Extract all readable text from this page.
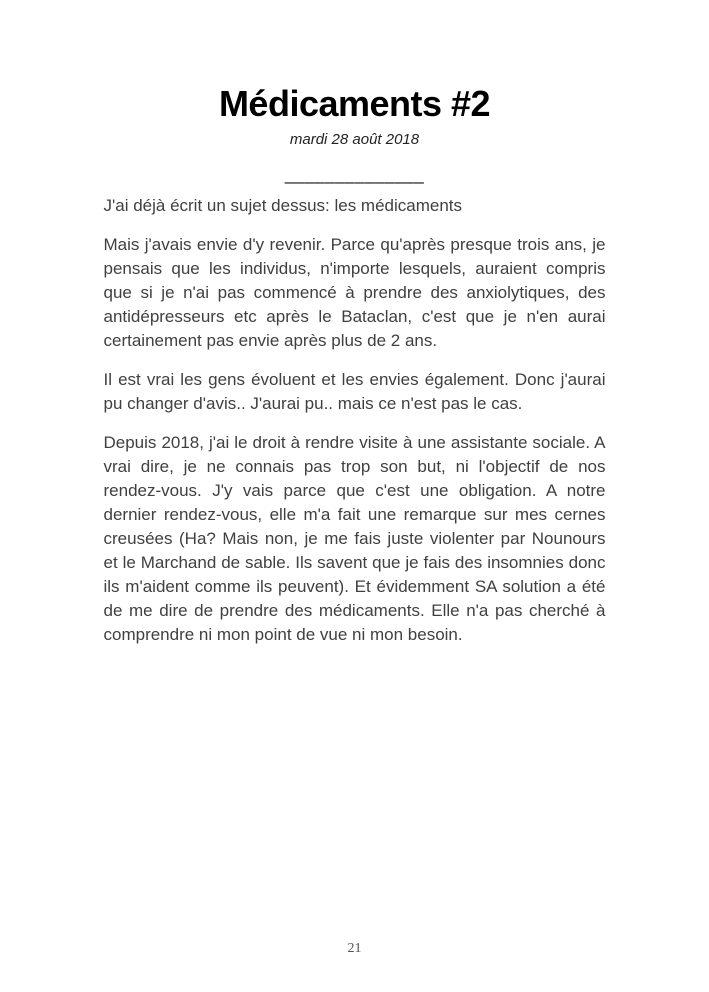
Médicaments #2
mardi 28 août 2018
______________

J'ai déjà écrit un sujet dessus: les médicaments

Mais j'avais envie d'y revenir. Parce qu'après presque trois ans, je pensais que les individus, n'importe lesquels, auraient compris que si je n'ai pas commencé à prendre des anxiolytiques, des antidépresseurs etc après le Bataclan, c'est que je n'en aurai certainement pas envie après plus de 2 ans.

Il est vrai les gens évoluent et les envies également. Donc j'aurai pu changer d'avis.. J'aurai pu.. mais ce n'est pas le cas.

Depuis 2018, j'ai le droit à rendre visite à une assistante sociale. A vrai dire, je ne connais pas trop son but, ni l'objectif de nos rendez-vous. J'y vais parce que c'est une obligation. A notre dernier rendez-vous, elle m'a fait une remarque sur mes cernes creusées (Ha? Mais non, je me fais juste violenter par Nounours et le Marchand de sable. Ils savent que je fais des insomnies donc ils m'aident comme ils peuvent). Et évidemment SA solution a été de me dire de prendre des médicaments. Elle n'a pas cherché à comprendre ni mon point de vue ni mon besoin.

21
